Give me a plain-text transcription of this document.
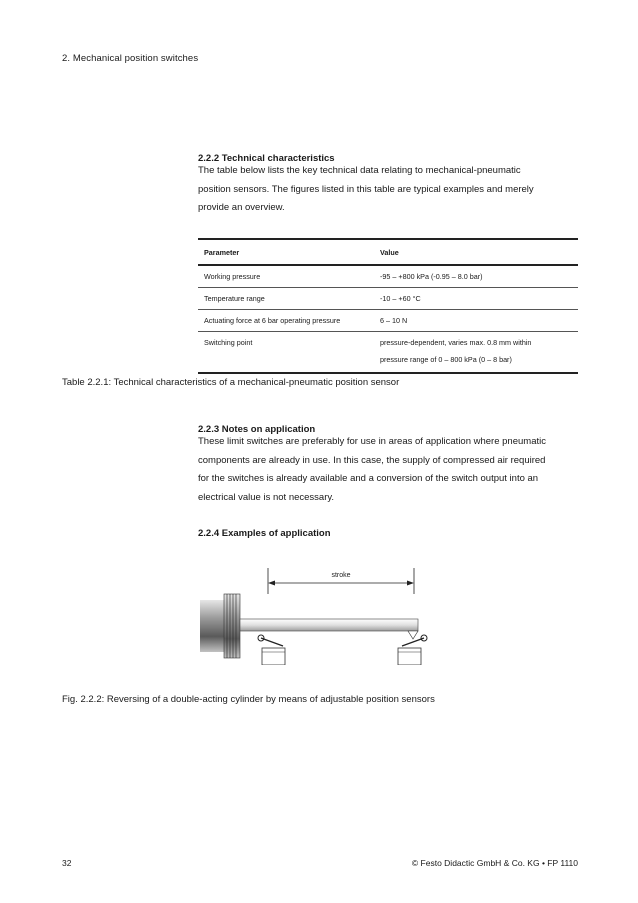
2. Mechanical position switches
2.2.2 Technical characteristics
The table below lists the key technical data relating to mechanical-pneumatic
position sensors. The figures listed in this table are typical examples and merely
provide an overview.
Parameter	Value
Working pressure	-95 – +800 kPa (-0.95 – 8.0 bar)
Temperature range	-10 – +60 °C
Actuating force at 6 bar operating pressure	6 – 10 N
Switching point	pressure-dependent, varies max. 0.8 mm within
pressure range of 0 – 800 kPa (0 – 8 bar)
Table 2.2.1: Technical characteristics of a mechanical-pneumatic position sensor
2.2.3 Notes on application
These limit switches are preferably for use in areas of application where pneumatic
components are already in use. In this case, the supply of compressed air required
for the switches is already available and a conversion of the switch output into an
electrical value is not necessary.
2.2.4 Examples of application
stroke
Fig. 2.2.2: Reversing of a double-acting cylinder by means of adjustable position sensors
32	© Festo Didactic GmbH & Co. KG • FP 1110
